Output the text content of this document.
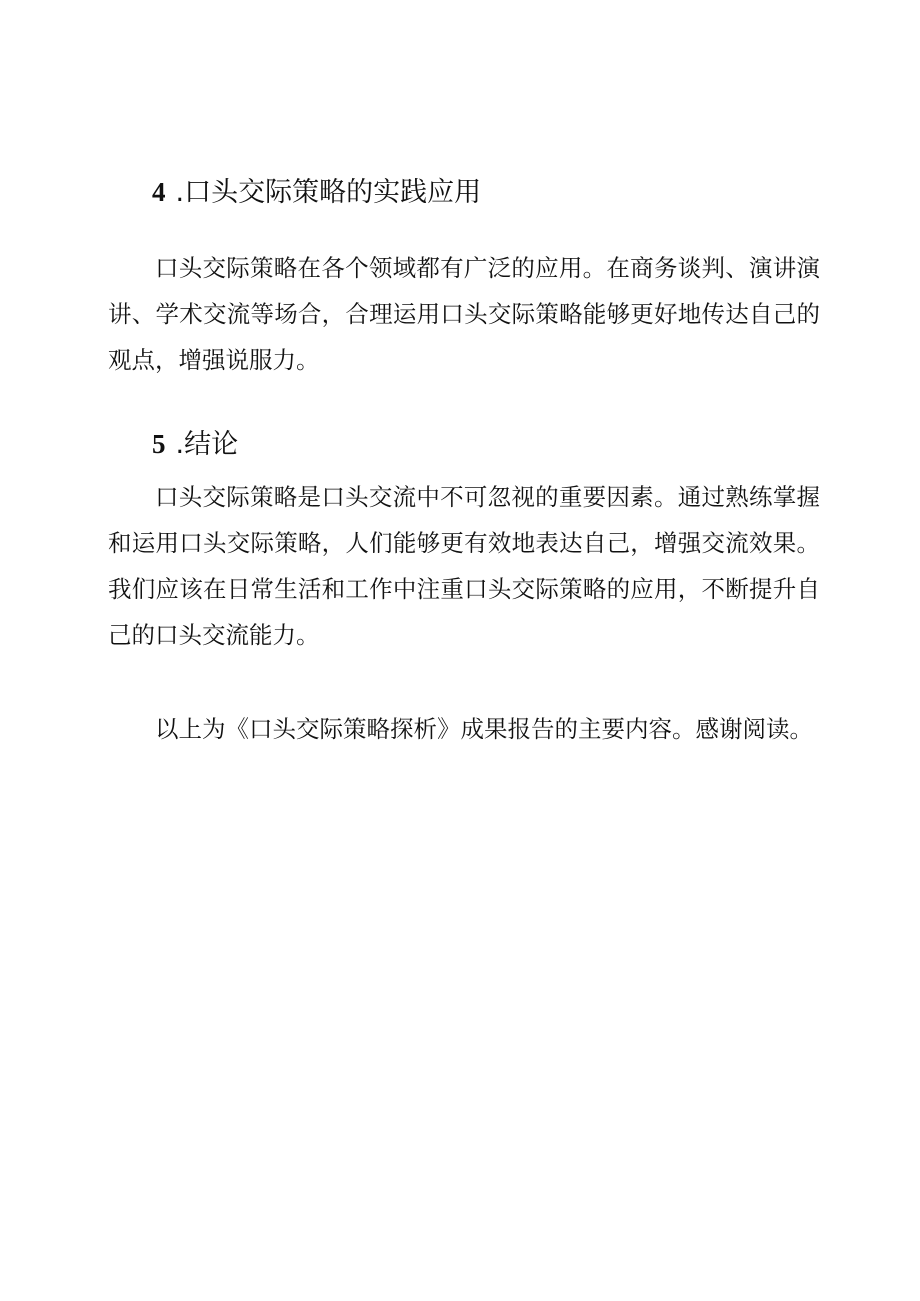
4 .口头交际策略的实践应用

口头交际策略在各个领域都有广泛的应用。在商务谈判、演讲演讲、学术交流等场合，合理运用口头交际策略能够更好地传达自己的观点，增强说服力。

5 .结论

口头交际策略是口头交流中不可忽视的重要因素。通过熟练掌握和运用口头交际策略，人们能够更有效地表达自己，增强交流效果。我们应该在日常生活和工作中注重口头交际策略的应用，不断提升自己的口头交流能力。

以上为《口头交际策略探析》成果报告的主要内容。感谢阅读。
